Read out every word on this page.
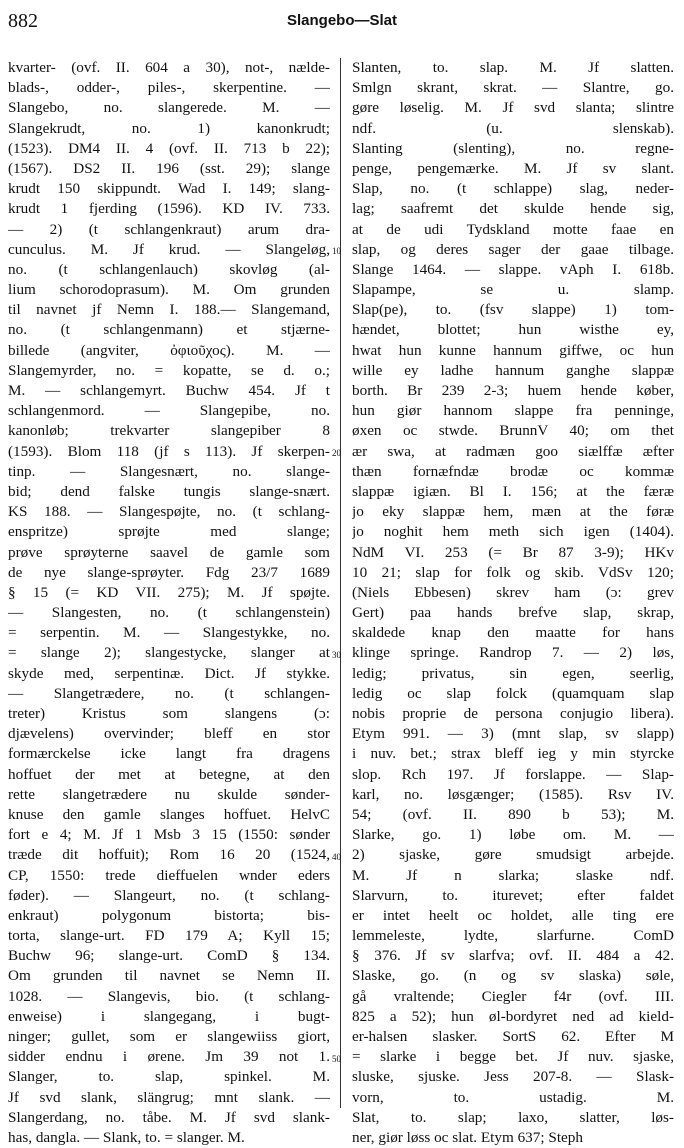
882	Slangebo—Slat
kvarter- (ovf. II. 604 a 30), not-, nælde-
blads-, odder-, piles-, skerpentine. —
Slangebo, no. slangerede. M. —
Slangekrudt, no. 1) kanonkrudt;
(1523). DM4 II. 4 (ovf. II. 713 b 22);
(1567). DS2 II. 196 (sst. 29); slange
krudt 150 skippundt. Wad I. 149; slang-
krudt 1 fjerding (1596). KD IV. 733.
— 2) (t schlangenkraut) arum dra-
cunculus. M. Jf krud. — Slangeløg,
no. (t schlangenlauch) skovløg (al-
lium schorodoprasum). M. Om grunden
til navnet jf Nemn I. 188.— Slangemand,
no. (t schlangenmann) et stjærne-
billede (angviter, ὀφιοῦχος). M. —
Slangemyrder, no. = kopatte, se d. o.;
M. — schlangemyrt. Buchw 454. Jf t
schlangenmord. — Slangepibe, no.
kanonløb; trekvarter slangepiber 8
(1593). Blom 118 (jf s 113). Jf skerpen-
tinp. — Slangesnært, no. slange-
bid; dend falske tungis slange-snært.
KS 188. — Slangespøjte, no. (t schlang-
enspritze) sprøjte med slange;
prøve sprøyterne saavel de gamle som
de nye slange-sprøyter. Fdg 23/7 1689
§ 15 (= KD VII. 275); M. Jf spøjte.
— Slangesten, no. (t schlangenstein)
= serpentin. M. — Slangestykke, no.
= slange 2); slangestycke, slanger at
skyde med, serpentinæ. Dict. Jf stykke.
— Slangetrædere, no. (t schlangen-
treter) Kristus som slangens (ɔ:
djævelens) overvinder; bleff en stor
formærckelse icke langt fra dragens
hoffuet der met at betegne, at den
rette slangetrædere nu skulde sønder-
knuse den gamle slanges hoffuet. HelvC
fort e 4; M. Jf 1 Msb 3 15 (1550: sønder
træde dit hoffuit); Rom 16 20 (1524,
CP, 1550: trede dieffuelen wnder eders
føder). — Slangeurt, no. (t schlang-
enkraut) polygonum bistorta; bis-
torta, slange-urt. FD 179 A; Kyll 15;
Buchw 96; slange-urt. ComD § 134.
Om grunden til navnet se Nemn II.
1028. — Slangevis, bio. (t schlang-
enweise) i slangegang, i bugt-
ninger; gullet, som er slangewiiss giort,
sidder endnu i ørene. Jm 39 not 1.
Slanger, to. slap, spinkel. M.
Jf svd slank, slängrug; mnt slank. —
Slangerdang, no. tåbe. M. Jf svd slank-
has, dangla. — Slank, to. = slanger. M.
10
20
30
40
50
Slanten, to. slap. M. Jf slatten.
Smlgn skrant, skrat. — Slantre, go.
gøre løselig. M. Jf svd slanta; slintre
ndf. (u. slenskab).
Slanting (slenting), no. regne-
penge, pengemærke. M. Jf sv slant.
Slap, no. (t schlappe) slag, neder-
lag; saafremt det skulde hende sig,
at de udi Tydskland motte faae en
slap, og deres sager der gaae tilbage.
Slange 1464. — slappe. vAph I. 618b.
Slapampe, se u. slamp.
Slap(pe), to. (fsv slappe) 1) tom-
hændet, blottet; hun wisthe ey,
hwat hun kunne hannum giffwe, oc hun
wille ey ladhe hannum ganghe slappæ
borth. Br 239 2-3; huem hende køber,
hun giør hannom slappe fra penninge,
øxen oc stwde. BrunnV 40; om thet
ær swa, at radmæn goo siælffæ æfter
thæn fornæfndæ brodæ oc kommæ
slappæ igiæn. Bl I. 156; at the færæ
jo eky slappæ hem, mæn at the føræ
jo noghit hem meth sich igen (1404).
NdM VI. 253 (= Br 87 3-9); HKv
10 21; slap for folk og skib. VdSv 120;
(Niels Ebbesen) skrev ham (ɔ: grev
Gert) paa hands brefve slap, skrap,
skaldede knap den maatte for hans
klinge springe. Randrop 7. — 2) løs,
ledig; privatus, sin egen, seerlig,
ledig oc slap folck (quamquam slap
nobis proprie de persona conjugio libera).
Etym 991. — 3) (mnt slap, sv slapp)
i nuv. bet.; strax bleff ieg y min styrcke
slop. Rch 197. Jf forslappe. — Slap-
karl, no. løsgænger; (1585). Rsv IV.
54; (ovf. II. 890 b 53); M.
Slarke, go. 1) løbe om. M. —
2) sjaske, gøre smudsigt arbejde.
M. Jf n slarka; slaske ndf.
Slarvurn, to. iturevet; efter faldet
er intet heelt oc holdet, alle ting ere
lemmeleste, lydte, slarfurne. ComD
§ 376. Jf sv slarfva; ovf. II. 484 a 42.
Slaske, go. (n og sv slaska) søle,
gå vraltende; Ciegler f4r (ovf. III.
825 a 52); hun øl-bordyret ned ad kield-
er-halsen slasker. SortS 62. Efter M
= slarke i begge bet. Jf nuv. sjaske,
sluske, sjuske. Jess 207-8. — Slask-
vorn, to. ustadig. M.
Slat, to. slap; laxo, slatter, løs-
ner, giør løss oc slat. Etym 637; Steph
